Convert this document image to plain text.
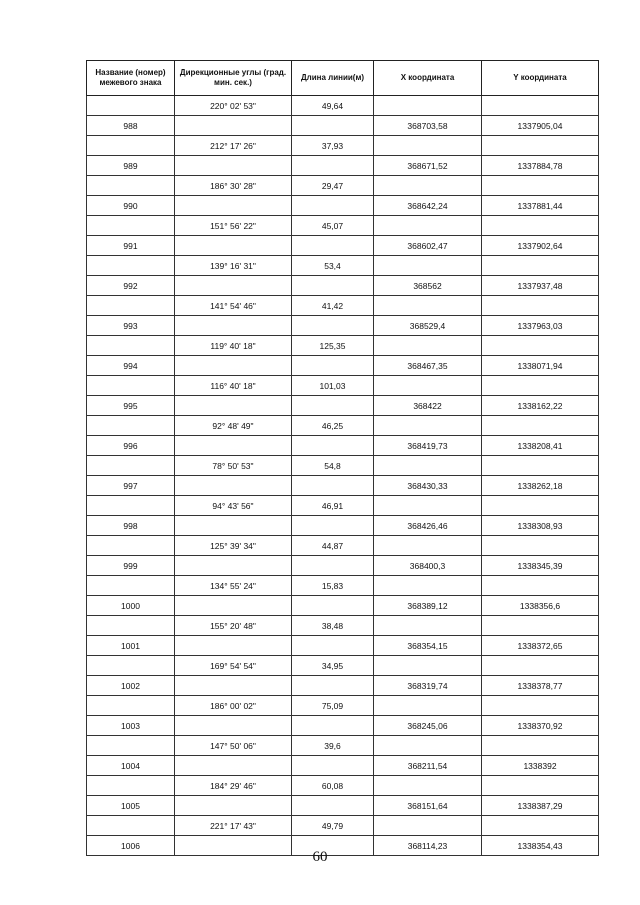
Название (номер) межевого знака	Дирекционные углы (град. мин. сек.)	Длина линии(м)	X координата	Y координата
	220° 02' 53"	49,64		
988			368703,58	1337905,04
	212° 17' 26"	37,93		
989			368671,52	1337884,78
	186° 30' 28"	29,47		
990			368642,24	1337881,44
	151° 56' 22"	45,07		
991			368602,47	1337902,64
	139° 16' 31"	53,4		
992			368562	1337937,48
	141° 54' 46"	41,42		
993			368529,4	1337963,03
	119° 40' 18"	125,35		
994			368467,35	1338071,94
	116° 40' 18"	101,03		
995			368422	1338162,22
	92° 48' 49"	46,25		
996			368419,73	1338208,41
	78° 50' 53"	54,8		
997			368430,33	1338262,18
	94° 43' 56"	46,91		
998			368426,46	1338308,93
	125° 39' 34"	44,87		
999			368400,3	1338345,39
	134° 55' 24"	15,83		
1000			368389,12	1338356,6
	155° 20' 48"	38,48		
1001			368354,15	1338372,65
	169° 54' 54"	34,95		
1002			368319,74	1338378,77
	186° 00' 02"	75,09		
1003			368245,06	1338370,92
	147° 50' 06"	39,6		
1004			368211,54	1338392
	184° 29' 46"	60,08		
1005			368151,64	1338387,29
	221° 17' 43"	49,79		
1006			368114,23	1338354,43
60
